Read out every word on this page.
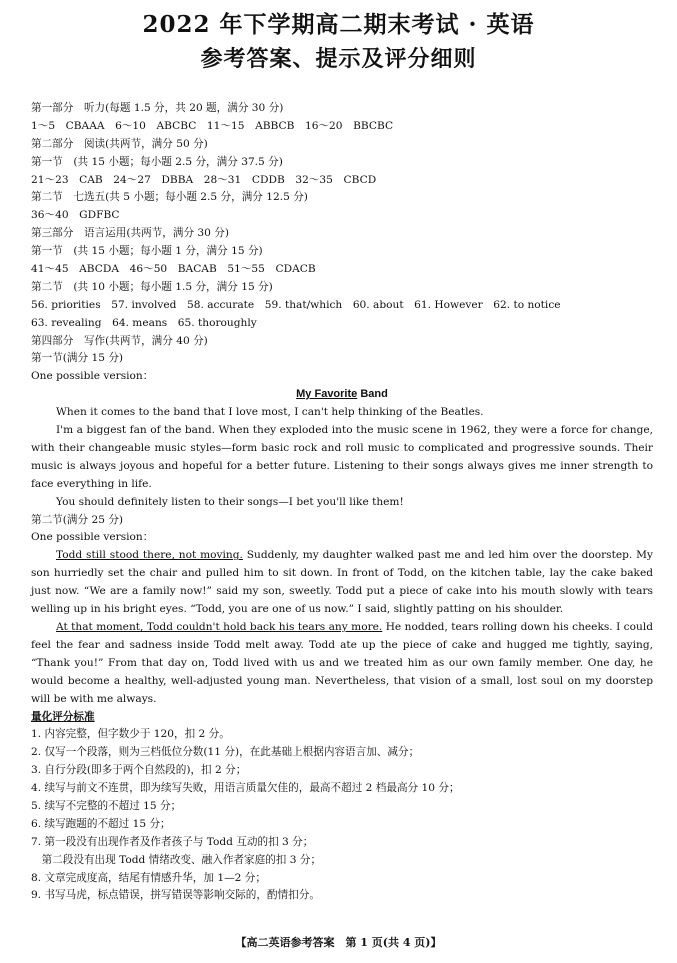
2022 年下学期高二期末考试 · 英语
参考答案、提示及评分细则
第一部分　听力(每题 1.5 分，共 20 题，满分 30 分)
1～5　CBAAA　6～10　ABCBC　11～15　ABBCB　16～20　BBCBC
第二部分　阅读(共两节，满分 50 分)
第一节　(共 15 小题；每小题 2.5 分，满分 37.5 分)
21～23　CAB　24～27　DBBA　28～31　CDDB　32～35　CBCD
第二节　七选五(共 5 小题；每小题 2.5 分，满分 12.5 分)
36～40　GDFBC
第三部分　语言运用(共两节，满分 30 分)
第一节　(共 15 小题；每小题 1 分，满分 15 分)
41～45　ABCDA　46～50　BACAB　51～55　CDACB
第二节　(共 10 小题；每小题 1.5 分，满分 15 分)
56. priorities　57. involved　58. accurate　59. that/which　60. about　61. However　62. to notice
63. revealing　64. means　65. thoroughly
第四部分　写作(共两节，满分 40 分)
第一节(满分 15 分)
One possible version：
My Favorite Band
When it comes to the band that I love most, I can't help thinking of the Beatles.
I'm a biggest fan of the band. When they exploded into the music scene in 1962, they were a force for change, with their changeable music styles—form basic rock and roll music to complicated and progressive sounds. Their music is always joyous and hopeful for a better future. Listening to their songs always gives me inner strength to face everything in life.
You should definitely listen to their songs—I bet you'll like them!
第二节(满分 25 分)
One possible version：
Todd still stood there, not moving. Suddenly, my daughter walked past me and led him over the doorstep. My son hurriedly set the chair and pulled him to sit down. In front of Todd, on the kitchen table, lay the cake baked just now. “We are a family now!” said my son, sweetly. Todd put a piece of cake into his mouth slowly with tears welling up in his bright eyes. “Todd, you are one of us now.” I said, slightly patting on his shoulder.
At that moment, Todd couldn't hold back his tears any more. He nodded, tears rolling down his cheeks. I could feel the fear and sadness inside Todd melt away. Todd ate up the piece of cake and hugged me tightly, saying, “Thank you!” From that day on, Todd lived with us and we treated him as our own family member. One day, he would become a healthy, well-adjusted young man. Nevertheless, that vision of a small, lost soul on my doorstep will be with me always.
量化评分标准
1. 内容完整，但字数少于 120，扣 2 分。
2. 仅写一个段落，则为三档低位分数(11 分)，在此基础上根据内容语言加、减分；
3. 自行分段(即多于两个自然段的)，扣 2 分；
4. 续写与前文不连贯，即为续写失败，用语言质量欠佳的，最高不超过 2 档最高分 10 分；
5. 续写不完整的不超过 15 分；
6. 续写跑题的不超过 15 分；
7. 第一段没有出现作者及作者孩子与 Todd 互动的扣 3 分；
　第二段没有出现 Todd 情绪改变、融入作者家庭的扣 3 分；
8. 文章完成度高，结尾有情感升华，加 1—2 分；
9. 书写马虎，标点错误，拼写错误等影响交际的，酌情扣分。
【高二英语参考答案　第 1 页(共 4 页)】
